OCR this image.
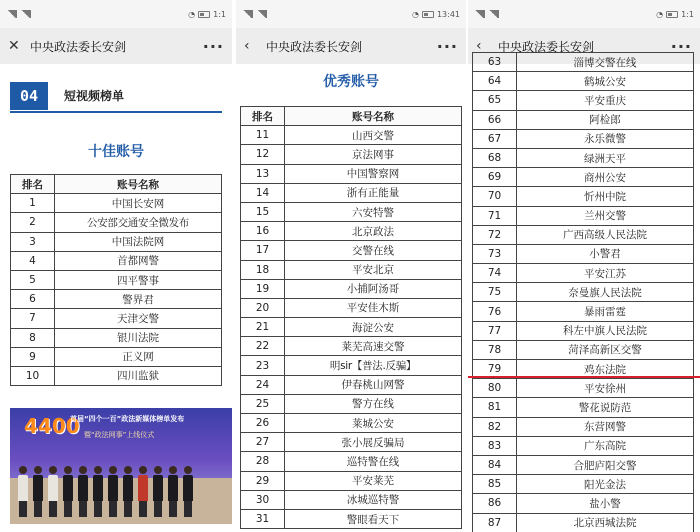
◔ 1:1
✕ 中央政法委长安剑	···
04	短视频榜单
十佳账号
排名	账号名称
1	中国长安网
2	公安部交通安全微发布
3	中国法院网
4	首都网警
5	四平警事
6	警界君
7	天津交警
8	银川法院
9	正义网
10	四川监狱
4400
首届“四个一百”政法新媒体榜单发布
暨“政法网事”上线仪式
◔ 13:41
‹	中央政法委长安剑	···
优秀账号
排名	账号名称
11	山西交警
12	京法网事
13	中国警察网
14	浙有正能量
15	六安特警
16	北京政法
17	交警在线
18	平安北京
19	小捕阿汤哥
20	平安佳木斯
21	海淀公安
22	莱芜高速交警
23	明sir【普法.反骗】
24	伊春桃山网警
25	警方在线
26	莱城公安
27	张小展反骗局
28	巡特警在线
29	平安莱芜
30	冰城巡特警
31	警眼看天下
◔ 1:1
‹	中央政法委长安剑	···
63	淄博交警在线
64	鹤城公安
65	平安重庆
66	阿检郎
67	永乐微警
68	绿洲天平
69	商州公安
70	忻州中院
71	兰州交警
72	广西高级人民法院
73	小警君
74	平安江苏
75	奈曼旗人民法院
76	暴雨雷霆
77	科左中旗人民法院
78	菏泽高新区交警
79	鸡东法院
80	平安徐州
81	警花说防范
82	东营网警
83	广东高院
84	合肥庐阳交警
85	阳光金法
86	盐小警
87	北京西城法院
